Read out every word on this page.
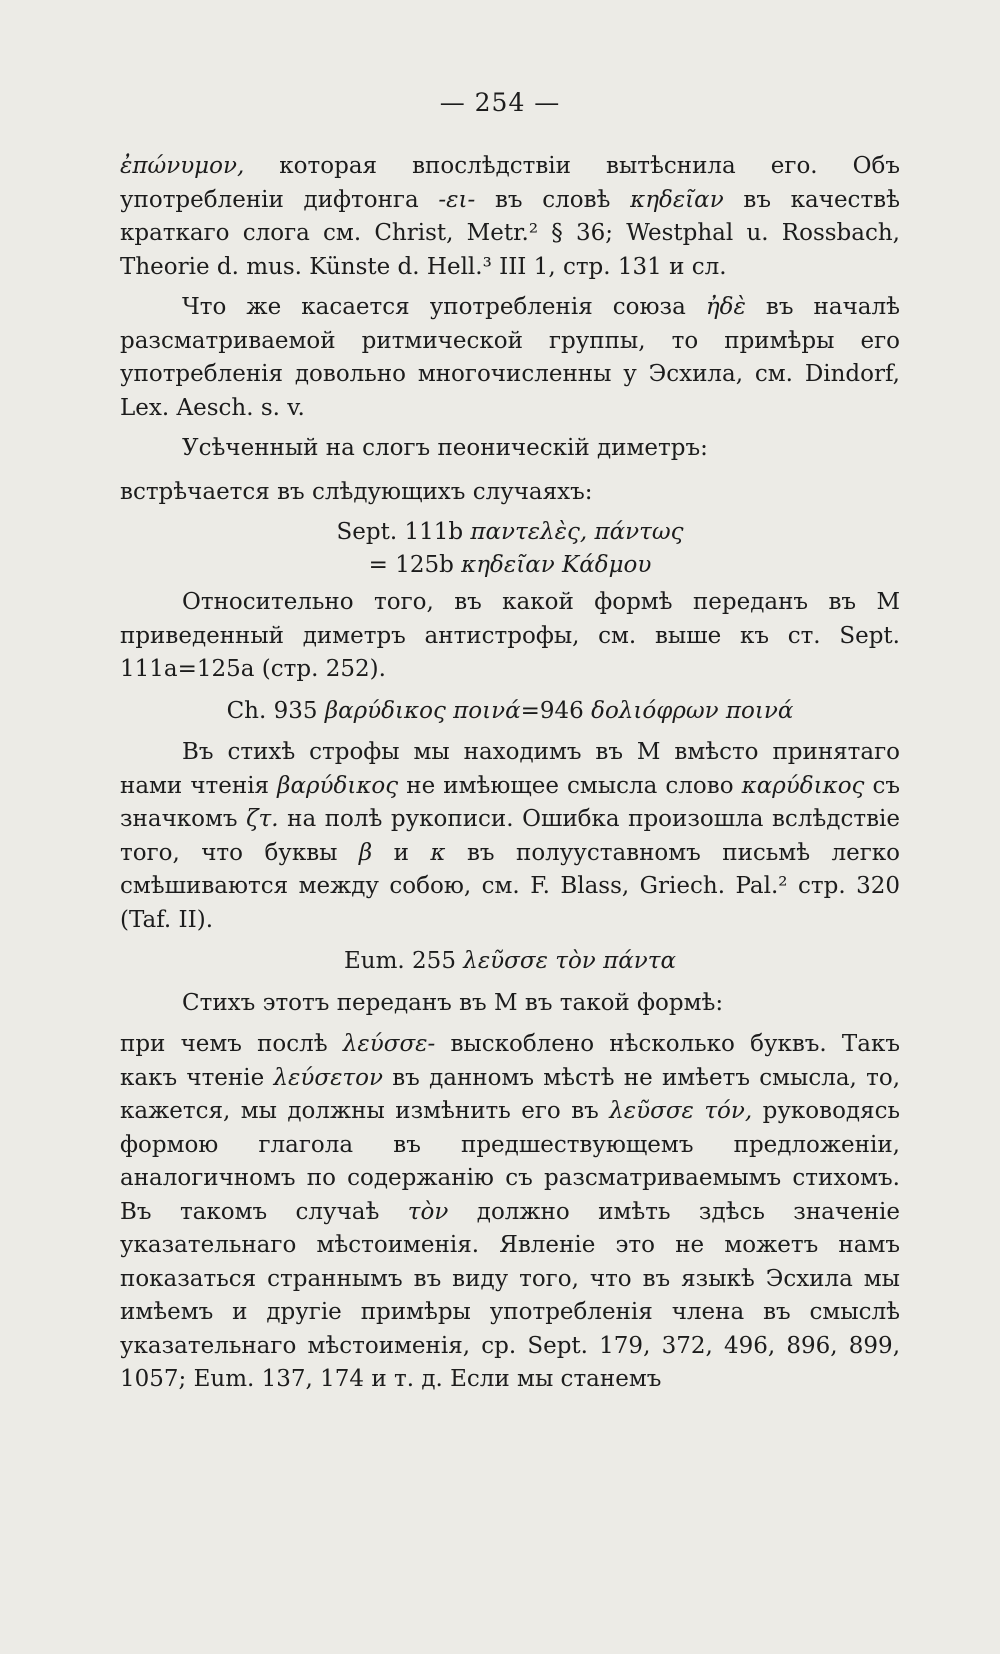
— 254 —

ἐπώνυμον, которая впослѣдствіи вытѣснила его. Объ употребленіи дифтонга -ει- въ словѣ κηδεῖαν въ качествѣ краткаго слога см. Christ, Metr.² § 36; Westphal u. Rossbach, Theorie d. mus. Künste d. Hell.³ III 1, стр. 131 и сл.

Что же касается употребленія союза ἠδὲ въ началѣ разсматриваемой ритмической группы, то примѣры его употребленія довольно многочисленны у Эсхила, см. Dindorf, Lex. Aesch. s. v.

Усѣченный на слогъ пеоническій диметръ:

встрѣчается въ слѣдующихъ случаяхъ:

Sept. 111b παντελὲς, πάντως
= 125b κηδεῖαν Κάδμου

Относительно того, въ какой формѣ переданъ въ M приведенный диметръ антистрофы, см. выше къ ст. Sept. 111a=125a (стр. 252).

Ch. 935 βαρύδικος ποινά=946 δολιόφρων ποινά

Въ стихѣ строфы мы находимъ въ M вмѣсто принятаго нами чтенія βαρύδικος не имѣющее смысла слово καρύδικος съ значкомъ ζτ. на полѣ рукописи. Ошибка произошла вслѣдствіе того, что буквы β и κ въ полууставномъ письмѣ легко смѣшиваются между собою, см. F. Blass, Griech. Pal.² стр. 320 (Taf. II).

Eum. 255 λεῦσσε τὸν πάντα

Стихъ этотъ переданъ въ M въ такой формѣ:

при чемъ послѣ λεύσσε- выскоблено нѣсколько буквъ. Такъ какъ чтеніе λεύσετον въ данномъ мѣстѣ не имѣетъ смысла, то, кажется, мы должны измѣнить его въ λεῦσσε τόν, руководясь формою глагола въ предшествующемъ предложеніи, аналогичномъ по содержанію съ разсматриваемымъ стихомъ. Въ такомъ случаѣ τὸν должно имѣть здѣсь значеніе указательнаго мѣстоименія. Явленіе это не можетъ намъ показаться страннымъ въ виду того, что въ языкѣ Эсхила мы имѣемъ и другіе примѣры употребленія члена въ смыслѣ указательнаго мѣстоименія, ср. Sept. 179, 372, 496, 896, 899, 1057; Eum. 137, 174 и т. д. Если мы станемъ
